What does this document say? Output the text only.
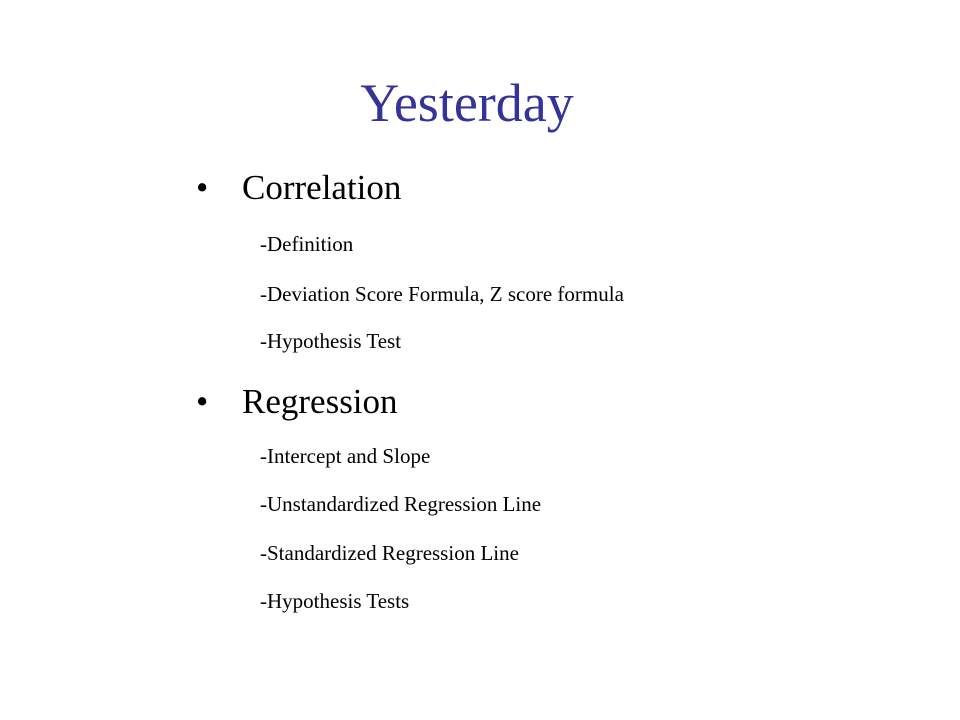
Yesterday
• Correlation
-Definition
-Deviation Score Formula, Z score formula
-Hypothesis Test
• Regression
-Intercept and Slope
-Unstandardized Regression Line
-Standardized Regression Line
-Hypothesis Tests
